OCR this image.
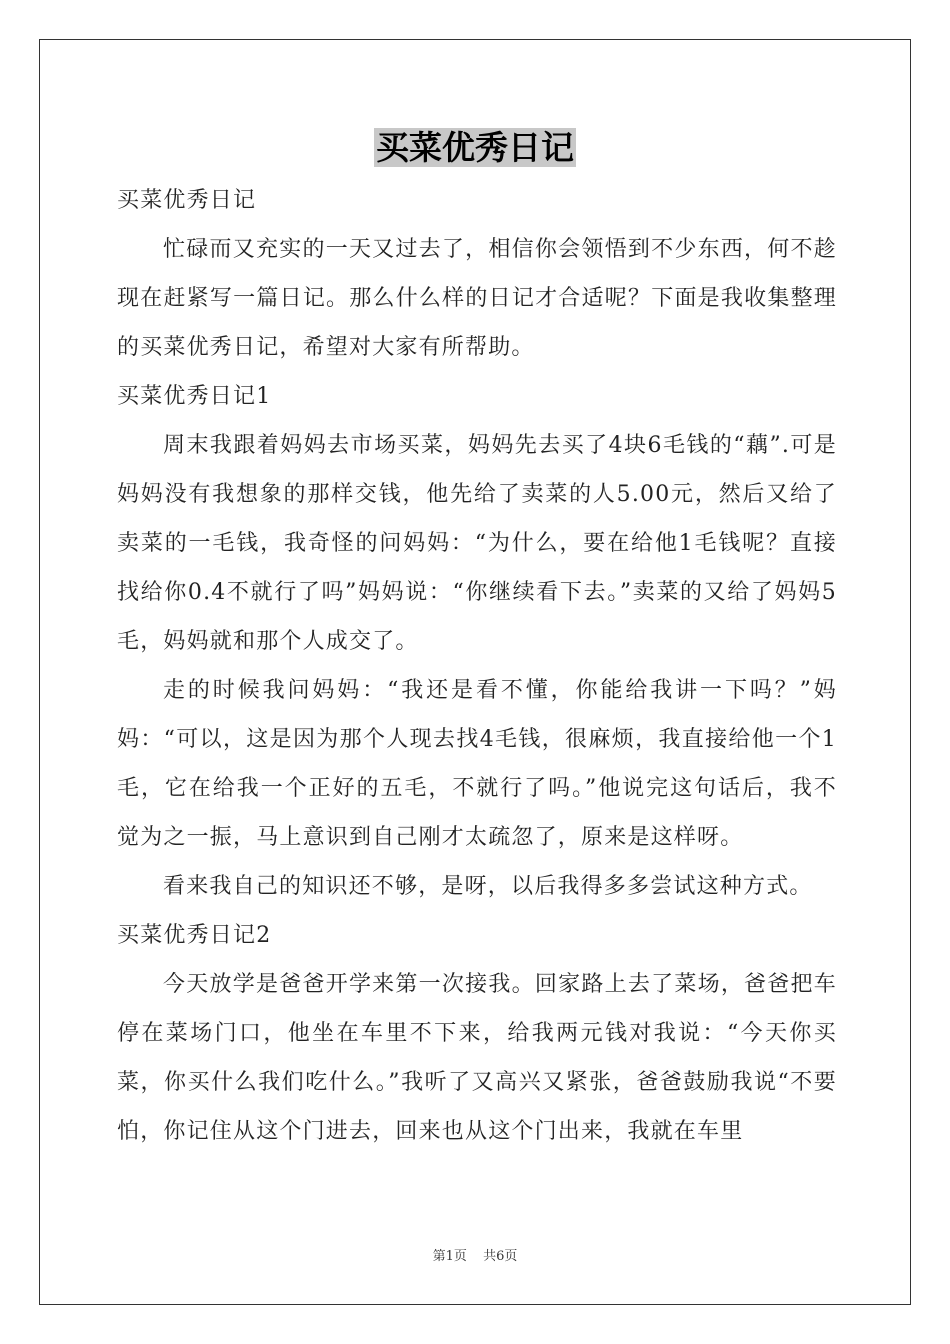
买菜优秀日记

买菜优秀日记

忙碌而又充实的一天又过去了，相信你会领悟到不少东西，何不趁现在赶紧写一篇日记。那么什么样的日记才合适呢？下面是我收集整理的买菜优秀日记，希望对大家有所帮助。

买菜优秀日记1

周末我跟着妈妈去市场买菜，妈妈先去买了4块6毛钱的“藕”.可是妈妈没有我想象的那样交钱，他先给了卖菜的人5.00元，然后又给了卖菜的一毛钱，我奇怪的问妈妈：“为什么，要在给他1毛钱呢？直接找给你0.4不就行了吗”妈妈说：“你继续看下去。”卖菜的又给了妈妈5毛，妈妈就和那个人成交了。

走的时候我问妈妈：“我还是看不懂，你能给我讲一下吗？”妈妈：“可以，这是因为那个人现去找4毛钱，很麻烦，我直接给他一个1毛，它在给我一个正好的五毛，不就行了吗。”他说完这句话后，我不觉为之一振，马上意识到自己刚才太疏忽了，原来是这样呀。

看来我自己的知识还不够，是呀，以后我得多多尝试这种方式。

买菜优秀日记2

今天放学是爸爸开学来第一次接我。回家路上去了菜场，爸爸把车停在菜场门口，他坐在车里不下来，给我两元钱对我说：“今天你买菜，你买什么我们吃什么。”我听了又高兴又紧张，爸爸鼓励我说“不要怕，你记住从这个门进去，回来也从这个门出来，我就在车里

第1页 共6页
